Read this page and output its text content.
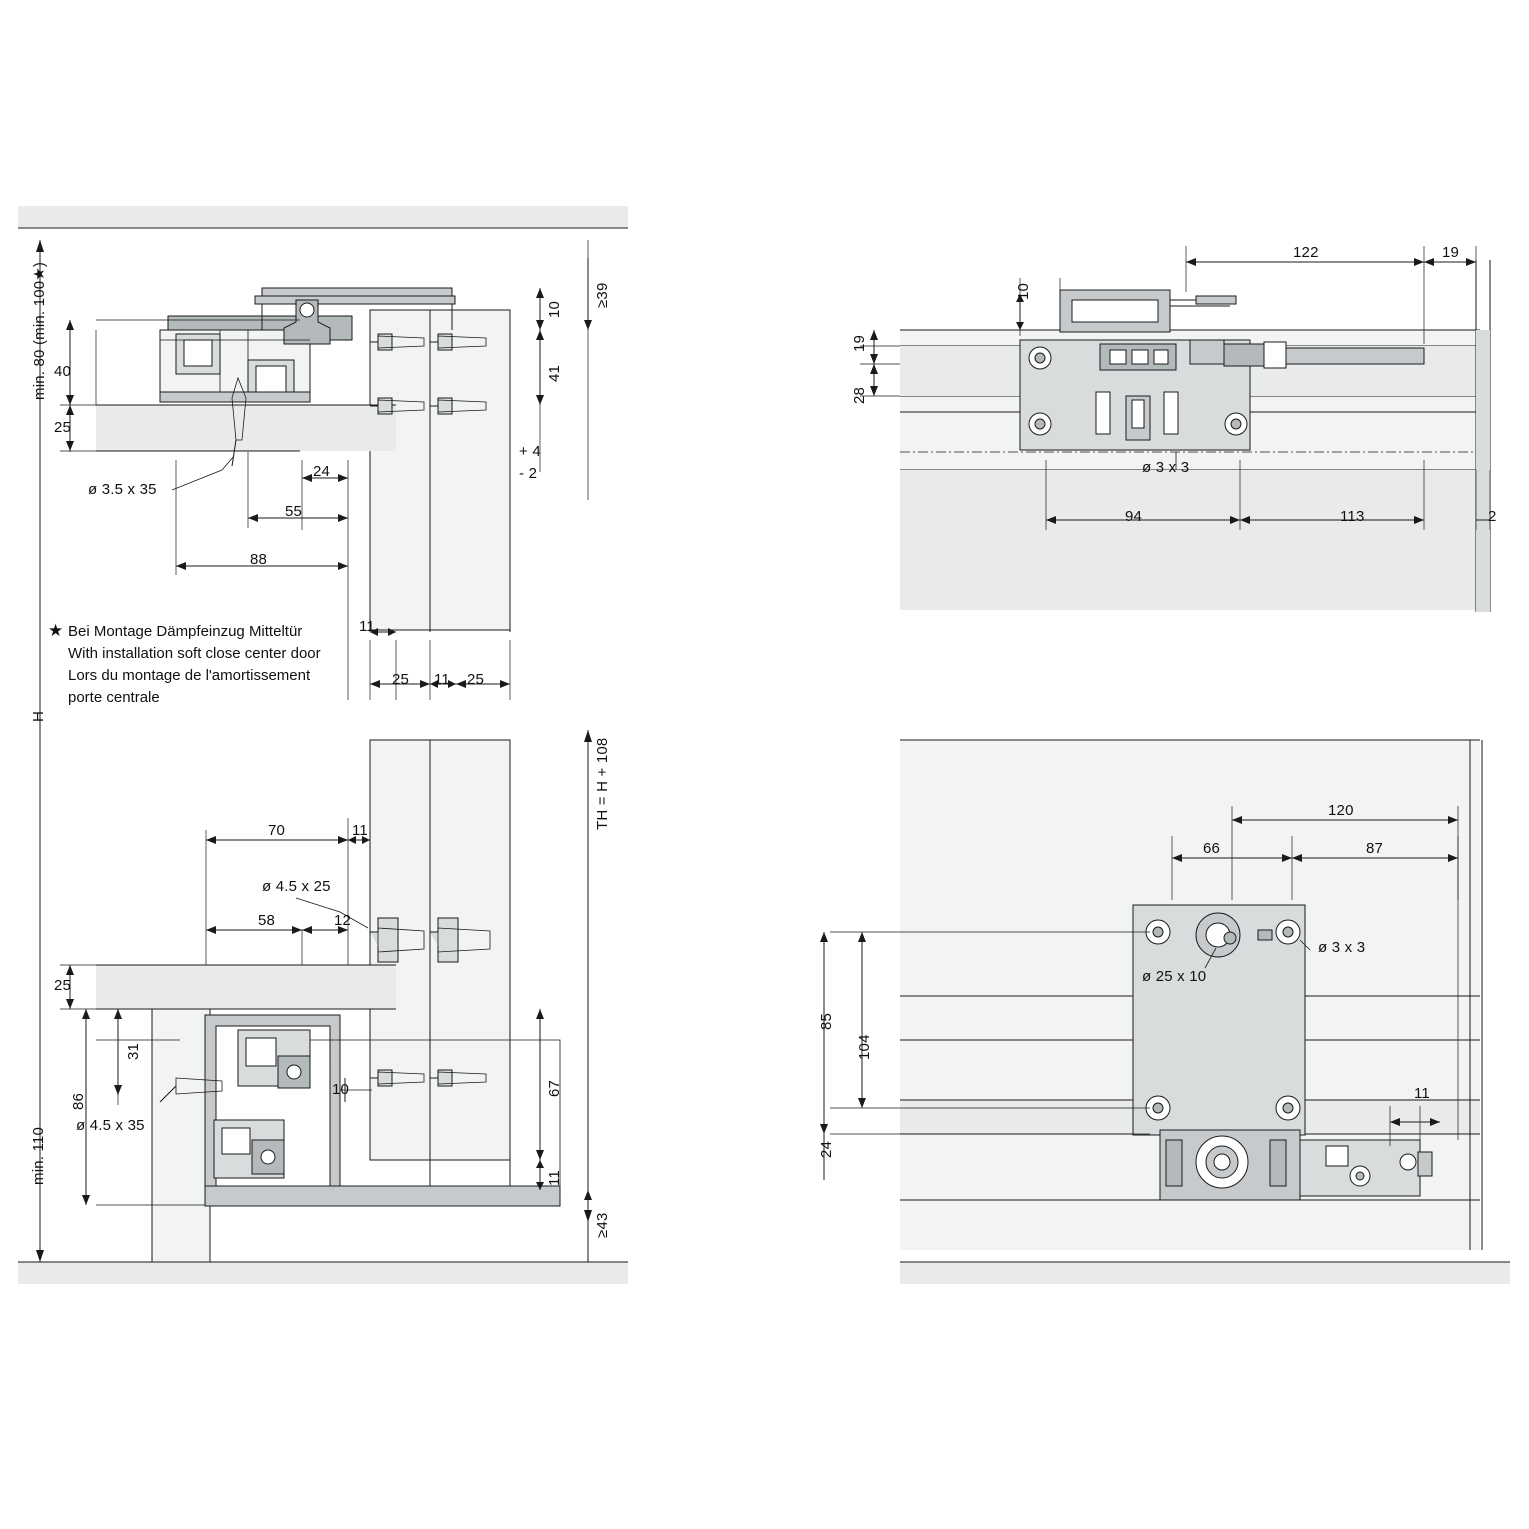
min. 80 (min. 100★) 40
25
ø 3.5 x 35
24
55
88
10
41
≥39
+ 4
- 2
11
25 11 25
★ Bei Montage Dämpfeinzug Mitteltür
With installation soft close center door
Lors du montage de l'amortissement
porte centrale
H
TH = H + 108
70	11
ø 4.5 x 25
58	12
25
31
86
min. 110
ø 4.5 x 35
10	67
11
≥43
122	19
10
19
28
ø 3 x 3
94	113	2
120
66	87
ø 3 x 3
ø 25 x 10
85
104
24
11
